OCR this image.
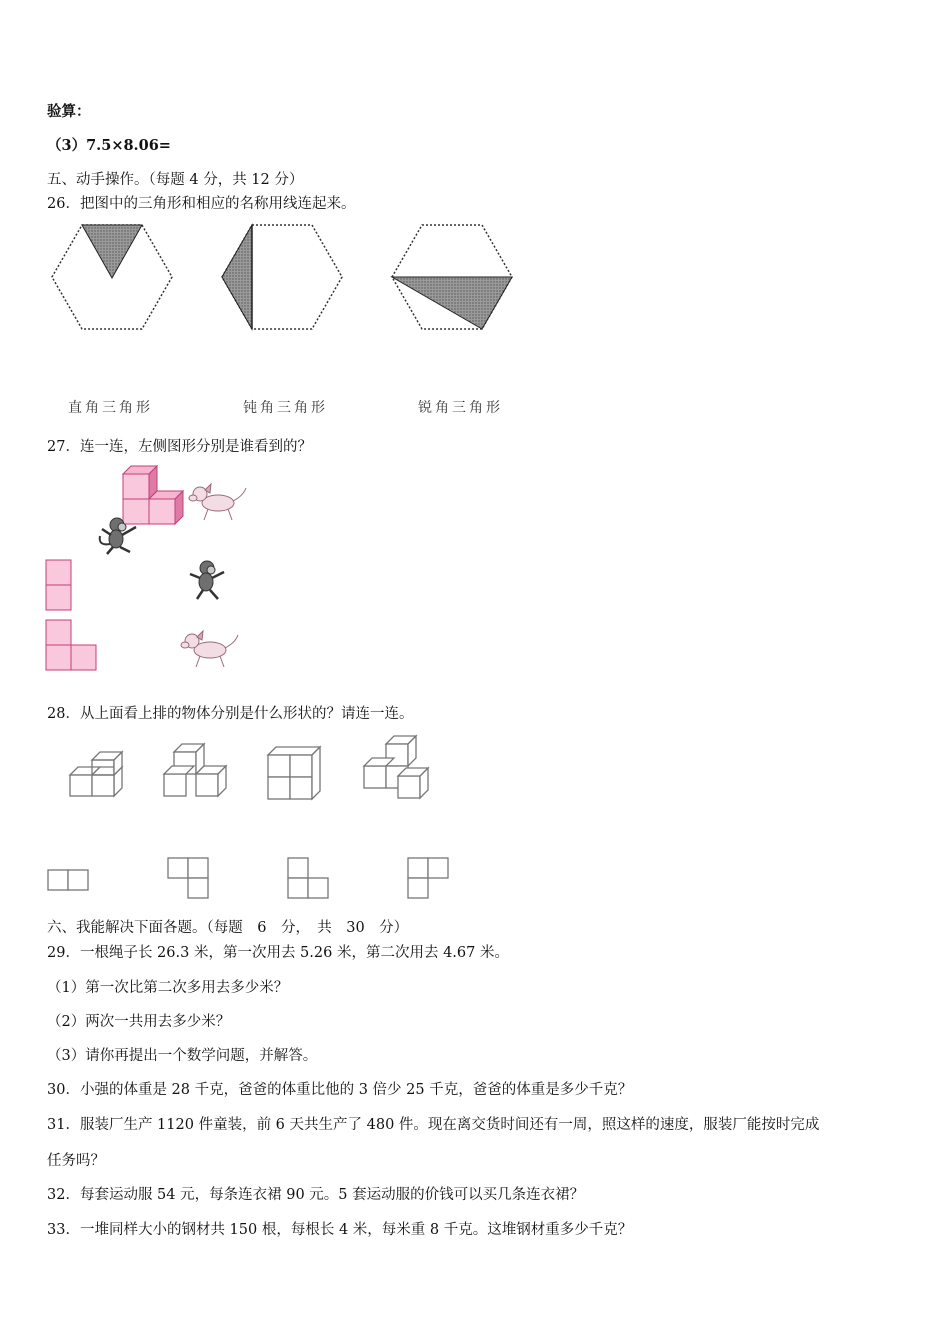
验算：
（3）7.5×8.06=
五、动手操作。（每题 4 分，共 12 分）
26．把图中的三角形和相应的名称用线连起来。
直角三角形	钝角三角形	锐角三角形
27．连一连，左侧图形分别是谁看到的？
28．从上面看上排的物体分别是什么形状的？请连一连。
六、我能解决下面各题。（每题　6　分，　共　30　分）
29．一根绳子长 26.3 米，第一次用去 5.26 米，第二次用去 4.67 米。
（1）第一次比第二次多用去多少米？
（2）两次一共用去多少米？
（3）请你再提出一个数学问题，并解答。
30．小强的体重是 28 千克，爸爸的体重比他的 3 倍少 25 千克，爸爸的体重是多少千克？
31．服装厂生产 1120 件童装，前 6 天共生产了 480 件。现在离交货时间还有一周，照这样的速度，服装厂能按时完成
任务吗？
32．每套运动服 54 元，每条连衣裙 90 元。5 套运动服的价钱可以买几条连衣裙？
33．一堆同样大小的钢材共 150 根，每根长 4 米，每米重 8 千克。这堆钢材重多少千克？
